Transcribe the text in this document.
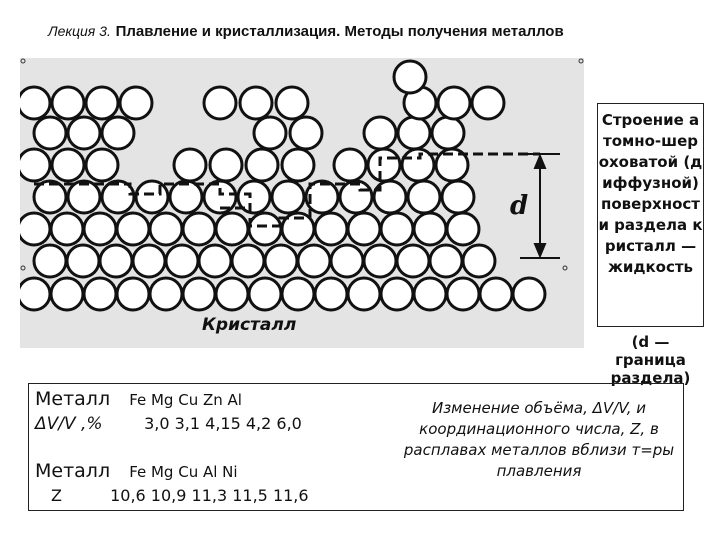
Лекция 3. Плавление и кристаллизация. Методы получения металлов
d
Кристалл
Строение атомно-шероховатой (диффузной) поверхности раздела кристалл — жидкость
(d — граница раздела)
Металл Fe Mg Cu Zn Al
ΔV/V ,%	3,0 3,1 4,15 4,2 6,0
Металл Fe Mg Cu Al Ni
Z	10,6 10,9 11,3 11,5 11,6
Изменение объёма, ΔV/V, и координационного числа, Z, в расплавах металлов вблизи т=ры плавления
